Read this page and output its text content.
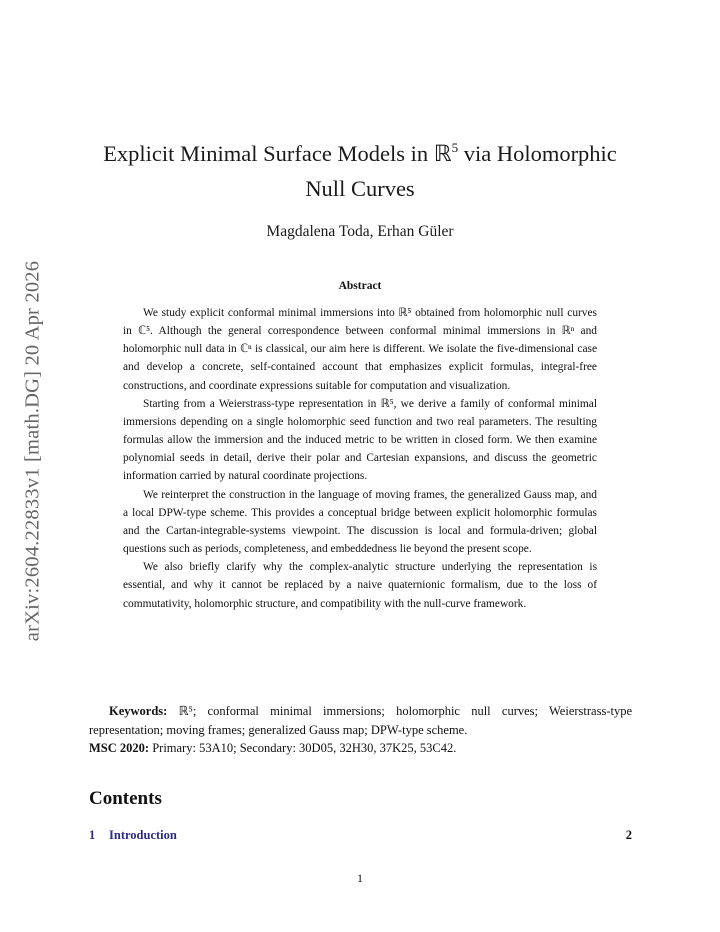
arXiv:2604.22833v1 [math.DG] 20 Apr 2026
Explicit Minimal Surface Models in ℝ$^5$ via Holomorphic
Null Curves
Magdalena Toda, Erhan Güler
Abstract

We study explicit conformal minimal immersions into ℝ⁵ obtained from holomorphic null curves in ℂ⁵. Although the general correspondence between conformal minimal immersions in ℝⁿ and holomorphic null data in ℂⁿ is classical, our aim here is different. We isolate the five-dimensional case and develop a concrete, self-contained account that emphasizes explicit formulas, integral-free constructions, and coordinate expressions suitable for computation and visualization.

Starting from a Weierstrass-type representation in ℝ⁵, we derive a family of conformal minimal immersions depending on a single holomorphic seed function and two real parameters. The resulting formulas allow the immersion and the induced metric to be written in closed form. We then examine polynomial seeds in detail, derive their polar and Cartesian expansions, and discuss the geometric information carried by natural coordinate projections.

We reinterpret the construction in the language of moving frames, the generalized Gauss map, and a local DPW-type scheme. This provides a conceptual bridge between explicit holomorphic formulas and the Cartan-integrable-systems viewpoint. The discussion is local and formula-driven; global questions such as periods, completeness, and embeddedness lie beyond the present scope.

We also briefly clarify why the complex-analytic structure underlying the representation is essential, and why it cannot be replaced by a naive quaternionic formalism, due to the loss of commutativity, holomorphic structure, and compatibility with the null-curve framework.

Keywords: ℝ⁵; conformal minimal immersions; holomorphic null curves; Weierstrass-type representation; moving frames; generalized Gauss map; DPW-type scheme.

MSC 2020: Primary: 53A10; Secondary: 30D05, 32H30, 37K25, 53C42.

Contents
1 Introduction	2
1
